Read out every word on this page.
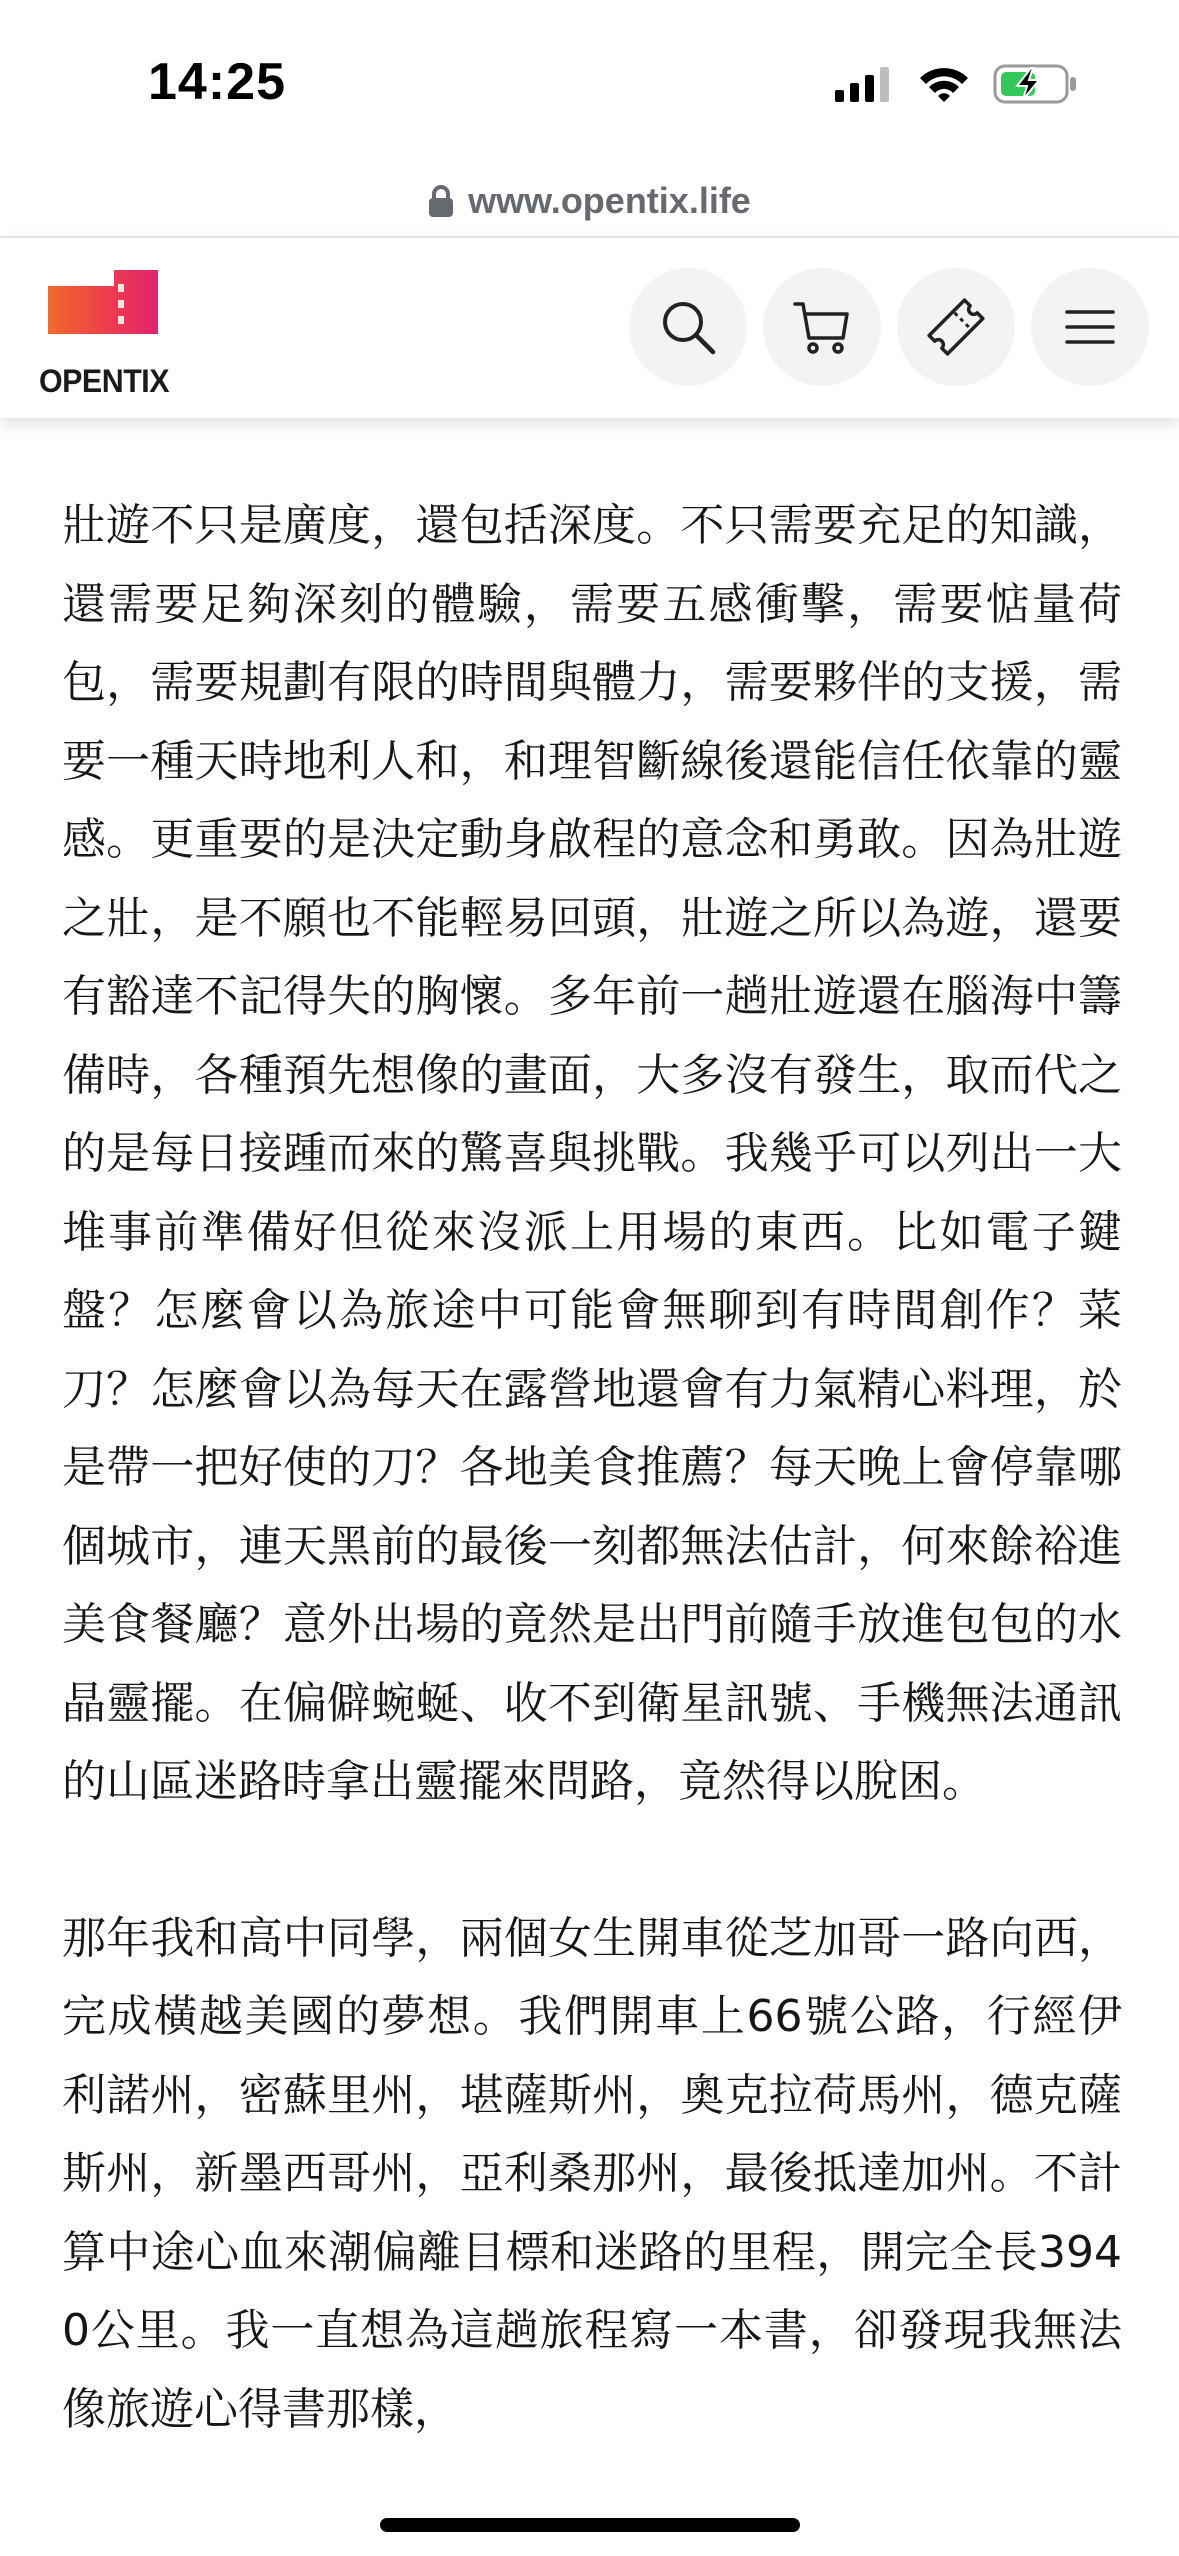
14:25
www.opentix.life
OPENTIX

壯遊不只是廣度，還包括深度。不只需要充足的知識，還需要足夠深刻的體驗，需要五感衝擊，需要惦量荷包，需要規劃有限的時間與體力，需要夥伴的支援，需要一種天時地利人和，和理智斷線後還能信任依靠的靈感。更重要的是決定動身啟程的意念和勇敢。因為壯遊之壯，是不願也不能輕易回頭，壯遊之所以為遊，還要有豁達不記得失的胸懷。多年前一趟壯遊還在腦海中籌備時，各種預先想像的畫面，大多沒有發生，取而代之的是每日接踵而來的驚喜與挑戰。我幾乎可以列出一大堆事前準備好但從來沒派上用場的東西。比如電子鍵盤？怎麼會以為旅途中可能會無聊到有時間創作？菜刀？怎麼會以為每天在露營地還會有力氣精心料理，於是帶一把好使的刀？各地美食推薦？每天晚上會停靠哪個城市，連天黑前的最後一刻都無法估計，何來餘裕進美食餐廳？意外出場的竟然是出門前隨手放進包包的水晶靈擺。在偏僻蜿蜒、收不到衛星訊號、手機無法通訊的山區迷路時拿出靈擺來問路，竟然得以脫困。

那年我和高中同學，兩個女生開車從芝加哥一路向西，完成橫越美國的夢想。我們開車上66號公路，行經伊利諾州，密蘇里州，堪薩斯州，奧克拉荷馬州，德克薩斯州，新墨西哥州，亞利桑那州，最後抵達加州。不計算中途心血來潮偏離目標和迷路的里程，開完全長3940公里。我一直想為這趟旅程寫一本書，卻發現我無法像旅遊心得書那樣，
